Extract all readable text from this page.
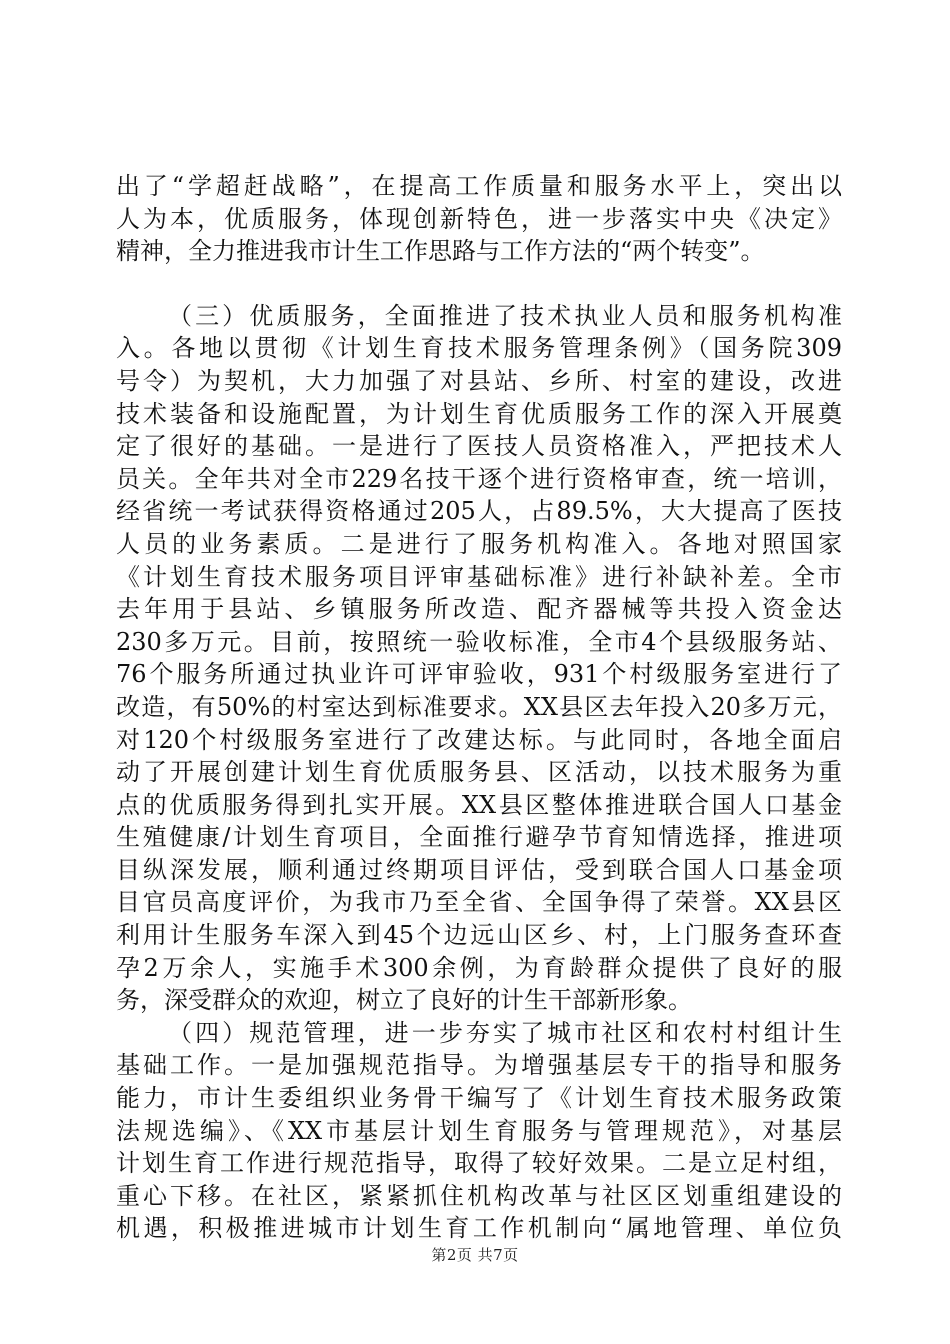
出了“学超赶战略”，在提高工作质量和服务水平上，突出以
人为本，优质服务，体现创新特色，进一步落实中央《决定》
精神，全力推进我市计生工作思路与工作方法的“两个转变”。
（三）优质服务，全面推进了技术执业人员和服务机构准
入。各地以贯彻《计划生育技术服务管理条例》（国务院309
号令）为契机，大力加强了对县站、乡所、村室的建设，改进
技术装备和设施配置，为计划生育优质服务工作的深入开展奠
定了很好的基础。一是进行了医技人员资格准入，严把技术人
员关。全年共对全市229名技干逐个进行资格审查，统一培训，
经省统一考试获得资格通过205人，占89.5%，大大提高了医技
人员的业务素质。二是进行了服务机构准入。各地对照国家
《计划生育技术服务项目评审基础标准》进行补缺补差。全市
去年用于县站、乡镇服务所改造、配齐器械等共投入资金达
230多万元。目前，按照统一验收标准，全市4个县级服务站、
76个服务所通过执业许可评审验收，931个村级服务室进行了
改造，有50%的村室达到标准要求。XX县区去年投入20多万元，
对120个村级服务室进行了改建达标。与此同时，各地全面启
动了开展创建计划生育优质服务县、区活动，以技术服务为重
点的优质服务得到扎实开展。XX县区整体推进联合国人口基金
生殖健康/计划生育项目，全面推行避孕节育知情选择，推进项
目纵深发展，顺利通过终期项目评估，受到联合国人口基金项
目官员高度评价，为我市乃至全省、全国争得了荣誉。XX县区
利用计生服务车深入到45个边远山区乡、村，上门服务查环查
孕2万余人，实施手术300余例，为育龄群众提供了良好的服
务，深受群众的欢迎，树立了良好的计生干部新形象。
（四）规范管理，进一步夯实了城市社区和农村村组计生
基础工作。一是加强规范指导。为增强基层专干的指导和服务
能力，市计生委组织业务骨干编写了《计划生育技术服务政策
法规选编》、《XX市基层计划生育服务与管理规范》，对基层
计划生育工作进行规范指导，取得了较好效果。二是立足村组，
重心下移。在社区，紧紧抓住机构改革与社区区划重组建设的
机遇，积极推进城市计划生育工作机制向“属地管理、单位负
第2页 共7页
